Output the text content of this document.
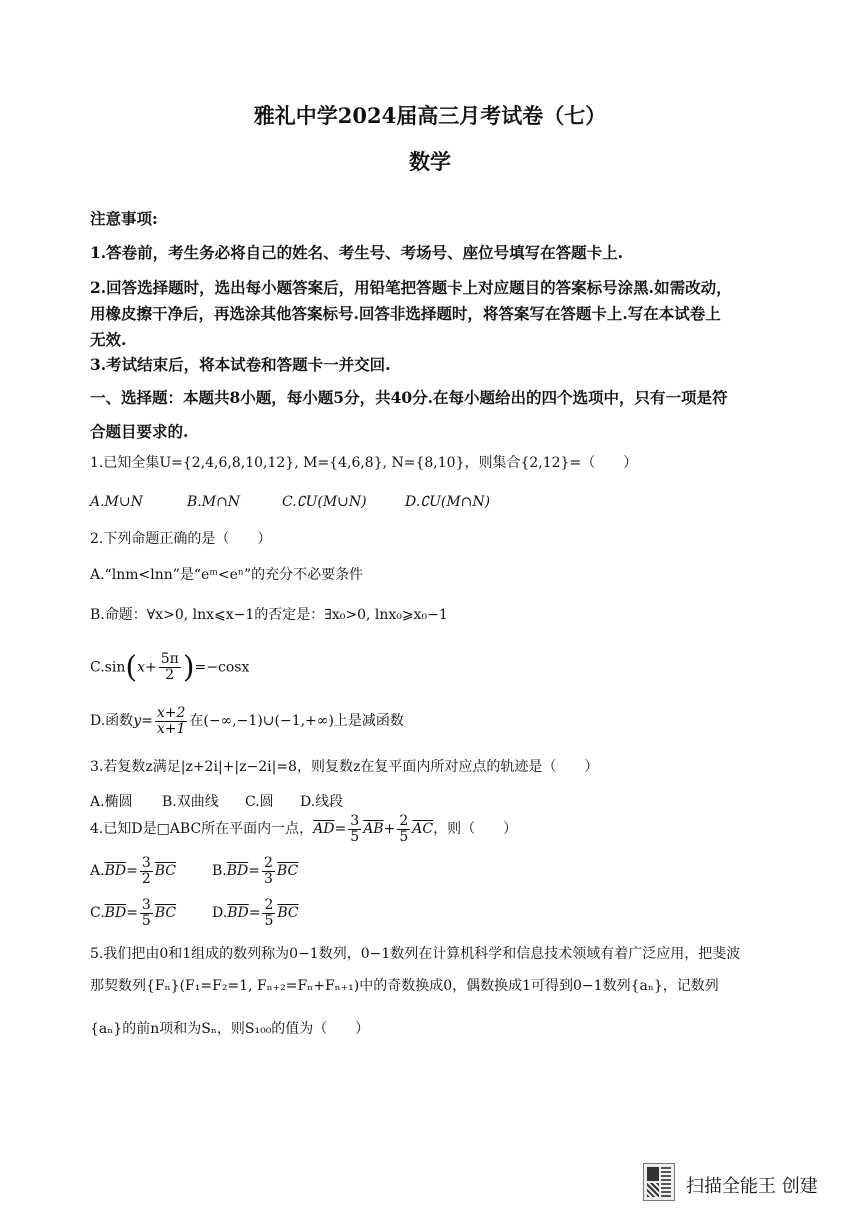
雅礼中学2024届高三月考试卷（七）
数学
注意事项:
1.答卷前，考生务必将自己的姓名、考生号、考场号、座位号填写在答题卡上.
2.回答选择题时，选出每小题答案后，用铅笔把答题卡上对应题目的答案标号涂黑.如需改动，
用橡皮擦干净后，再选涂其他答案标号.回答非选择题时，将答案写在答题卡上.写在本试卷上
无效.
3.考试结束后，将本试卷和答题卡一并交回.
一、选择题：本题共8小题，每小题5分，共40分.在每小题给出的四个选项中，只有一项是符
合题目要求的.
1.已知全集U={2,4,6,8,10,12}, M={4,6,8}, N={8,10}，则集合{2,12}=（　　）
A.M∪N	B.M∩N	C.∁U(M∪N)	D.∁U(M∩N)
2.下列命题正确的是（　　）
A.“lnm<lnn”是“eᵐ<eⁿ”的充分不必要条件
B.命题：∀x>0, lnx⩽x−1的否定是：∃x₀>0, lnx₀⩾x₀−1
$C.\sin(x+ \frac{5\pi}{2} )=-\cos x$
D.函数$y= \frac{x+2}{x+1}$ 在(−∞,−1)∪(−1,+∞)上是减函数
3.若复数z满足|z+2i|+|z−2i|=8，则复数z在复平面内所对应点的轨迹是（　　）
A.椭圆 B.双曲线 C.圆 D.线段
4.已知D是□ABC所在平面内一点，$\overline{AD}= \frac{3}{5} \overline{AB}+ \frac{2}{5} \overline{AC}$，则（　　）
$A.\overline{BD}= \frac{3}{2} \overline{BC}$	$B.\overline{BD}= \frac{2}{3} \overline{BC}$
$C.\overline{BD}= \frac{3}{5} \overline{BC}$	$D.\overline{BD}= \frac{2}{5} \overline{BC}$
5.我们把由0和1组成的数列称为0−1数列，0−1数列在计算机科学和信息技术领域有着广泛应用，把斐波
那契数列{Fₙ}(F₁=F₂=1, Fₙ₊₂=Fₙ+Fₙ₊₁)中的奇数换成0，偶数换成1可得到0−1数列{aₙ}，记数列
{aₙ}的前n项和为Sₙ，则S₁₀₀的值为（　　）
扫描全能王 创建
